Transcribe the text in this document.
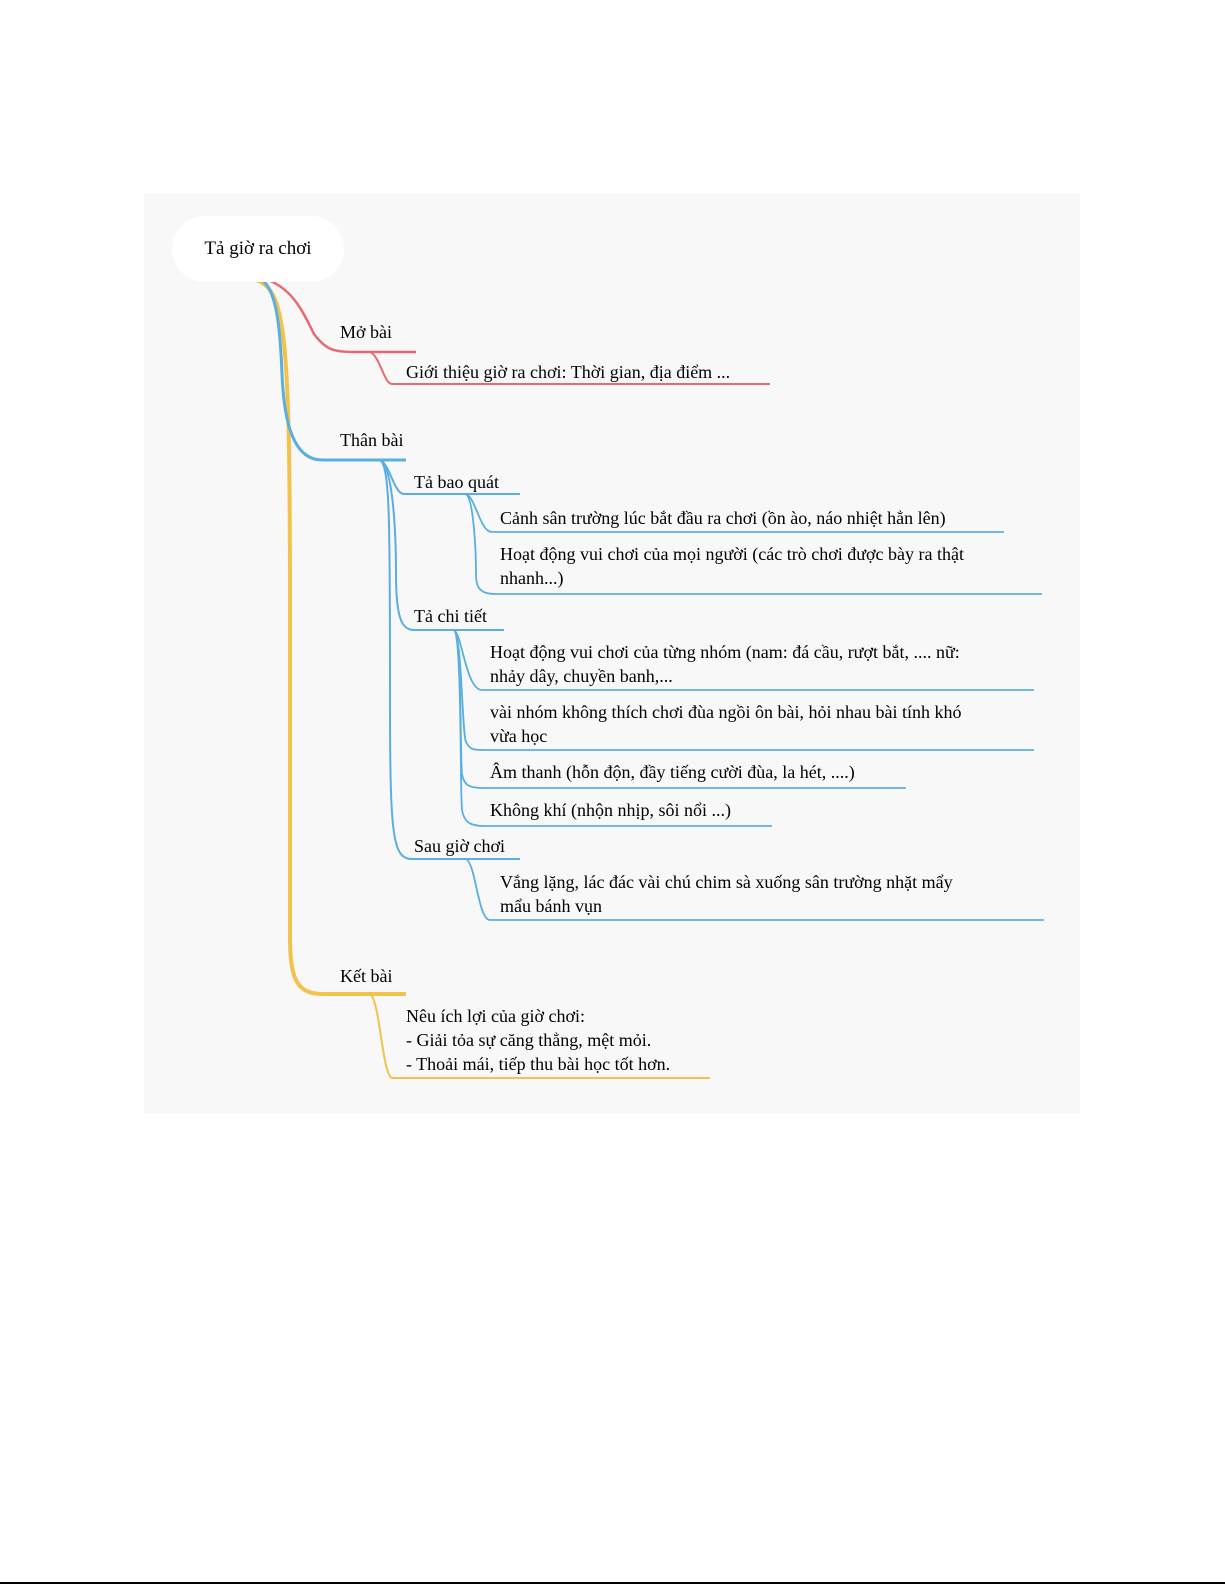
Tả giờ ra chơi
Mở bài
Giới thiệu giờ ra chơi: Thời gian, địa điểm ...
Thân bài
Tả bao quát
Cảnh sân trường lúc bắt đầu ra chơi (ồn ào, náo nhiệt hẳn lên)
Hoạt động vui chơi của mọi người (các trò chơi được bày ra thật
nhanh...)
Tả chi tiết
Hoạt động vui chơi của từng nhóm (nam: đá cầu, rượt bắt, .... nữ:
nhảy dây, chuyền banh,...
vài nhóm không thích chơi đùa ngồi ôn bài, hỏi nhau bài tính khó
vừa học
Âm thanh (hỗn độn, đầy tiếng cười đùa, la hét, ....)
Không khí (nhộn nhịp, sôi nổi ...)
Sau giờ chơi
Vắng lặng, lác đác vài chú chim sà xuống sân trường nhặt mẩy
mẩu bánh vụn
Kết bài
Nêu ích lợi của giờ chơi:
- Giải tỏa sự căng thẳng, mệt mỏi.
- Thoải mái, tiếp thu bài học tốt hơn.
